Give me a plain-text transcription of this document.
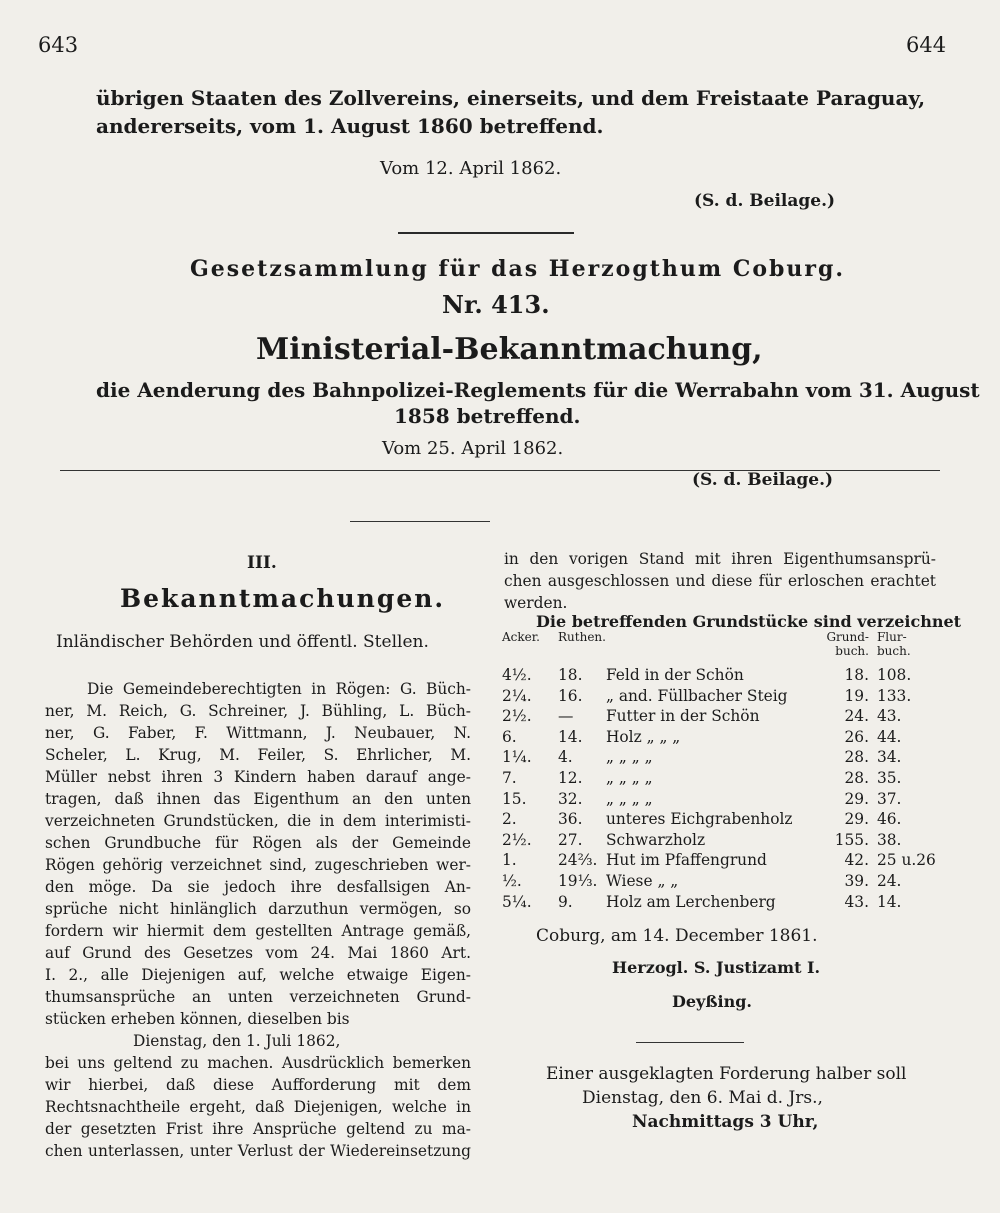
643	644
übrigen Staaten des Zollvereins, einerseits, und dem Freistaate Paraguay,
andererseits, vom 1. August 1860 betreffend.
Vom 12. April 1862.
(S. d. Beilage.)
Gesetzsammlung für das Herzogthum Coburg.
Nr. 413.
Ministerial-Bekanntmachung,
die Aenderung des Bahnpolizei-Reglements für die Werrabahn vom 31. August
1858 betreffend.
Vom 25. April 1862.
(S. d. Beilage.)
III.
Bekanntmachungen.
Inländischer Behörden und öffentl. Stellen.
Die Gemeindeberechtigten in Rögen: G. Büch-
ner, M. Reich, G. Schreiner, J. Bühling, L. Büch-
ner, G. Faber, F. Wittmann, J. Neubauer, N.
Scheler, L. Krug, M. Feiler, S. Ehrlicher, M.
Müller nebst ihren 3 Kindern haben darauf ange-
tragen, daß ihnen das Eigenthum an den unten
verzeichneten Grundstücken, die in dem interimisti-
schen Grundbuche für Rögen als der Gemeinde
Rögen gehörig verzeichnet sind, zugeschrieben wer-
den möge. Da sie jedoch ihre desfallsigen An-
sprüche nicht hinlänglich darzuthun vermögen, so
fordern wir hiermit dem gestellten Antrage gemäß,
auf Grund des Gesetzes vom 24. Mai 1860 Art.
I. 2., alle Diejenigen auf, welche etwaige Eigen-
thumsansprüche an unten verzeichneten Grund-
stücken erheben können, dieselben bis
Dienstag, den 1. Juli 1862,
bei uns geltend zu machen. Ausdrücklich bemerken
wir hierbei, daß diese Aufforderung mit dem
Rechtsnachtheile ergeht, daß Diejenigen, welche in
der gesetzten Frist ihre Ansprüche geltend zu ma-
chen unterlassen, unter Verlust der Wiedereinsetzung
in den vorigen Stand mit ihren Eigenthumsansprü-
chen ausgeschlossen und diese für erloschen erachtet
werden.
Die betreffenden Grundstücke sind verzeichnet
Acker.	Ruthen.		Grund-buch.	Flur-buch.
4½.	18.	Feld in der Schön	18.	108.
2¼.	16.	„ and. Füllbacher Steig	19.	133.
2½.	—	Futter in der Schön	24.	43.
6.	14.	Holz „ „ „	26.	44.
1¼.	4.	„ „ „ „	28.	34.
7.	12.	„ „ „ „	28.	35.
15.	32.	„ „ „ „	29.	37.
2.	36.	unteres Eichgrabenholz	29.	46.
2½.	27.	Schwarzholz	155.	38.
1.	24⅔.	Hut im Pfaffengrund	42.	25 u.26
½.	19⅓.	Wiese „ „	39.	24.
5¼.	9.	Holz am Lerchenberg	43.	14.
Coburg, am 14. December 1861.
Herzogl. S. Justizamt I.
Deyßing.
Einer ausgeklagten Forderung halber soll
Dienstag, den 6. Mai d. Jrs.,
Nachmittags 3 Uhr,
